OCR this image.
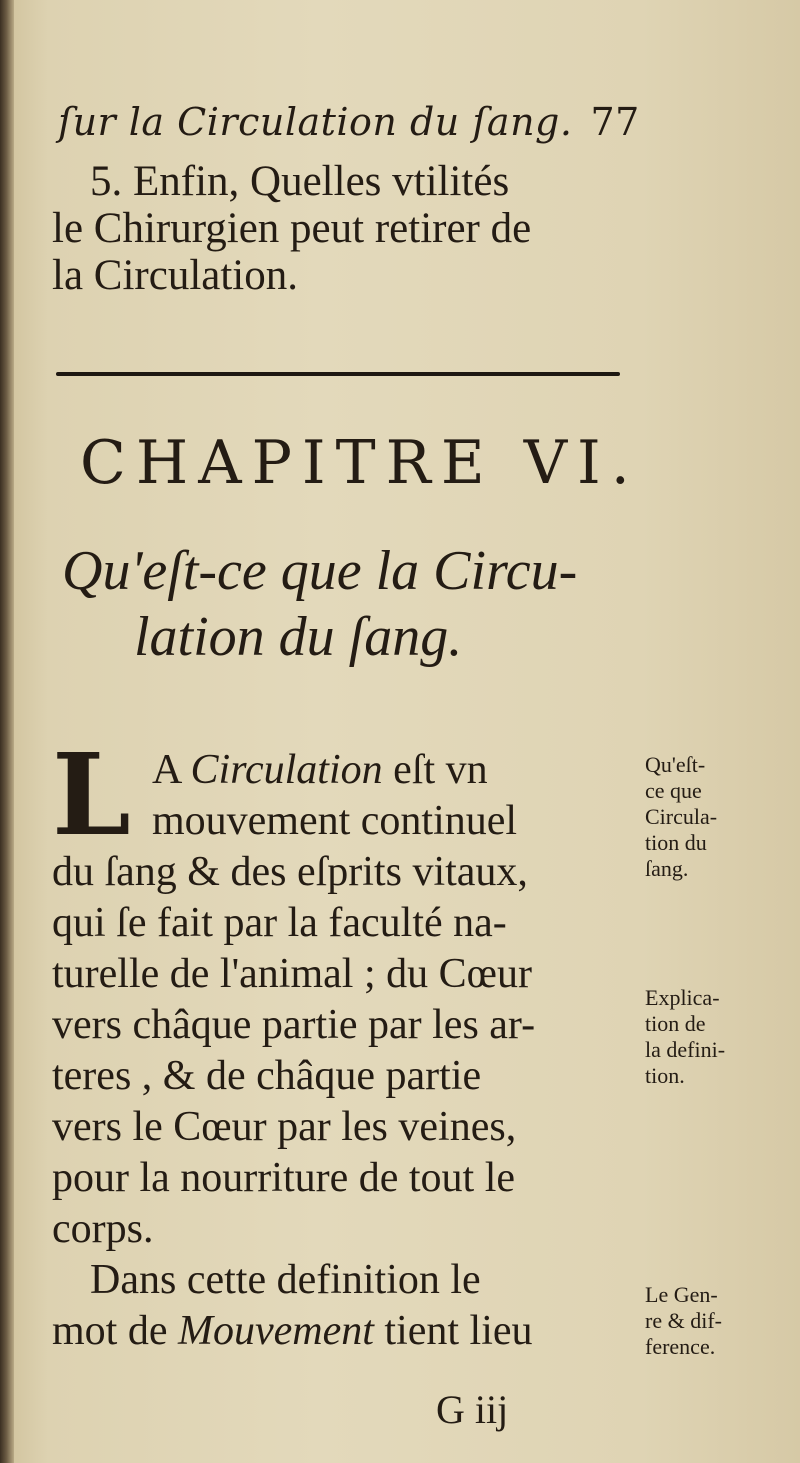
ſur la Circulation du ſang. 77
5. Enfin, Quelles vtilités
le Chirurgien peut retirer de
la Circulation.
CHAPITRE VI.
Qu'eſt-ce que la Circu-
lation du ſang.
L A Circulation eſt vn
mouvement continuel
du ſang & des eſprits vitaux,
qui ſe fait par la faculté na-
turelle de l'animal ; du Cœur
vers châque partie par les ar-
teres , & de châque partie
vers le Cœur par les veines,
pour la nourriture de tout le
corps.
Dans cette definition le
mot de Mouvement tient lieu
Qu'eſt-
ce que
Circula-
tion du
ſang.
Explica-
tion de
la defini-
tion.
Le Gen-
re & dif-
ference.
G iij
